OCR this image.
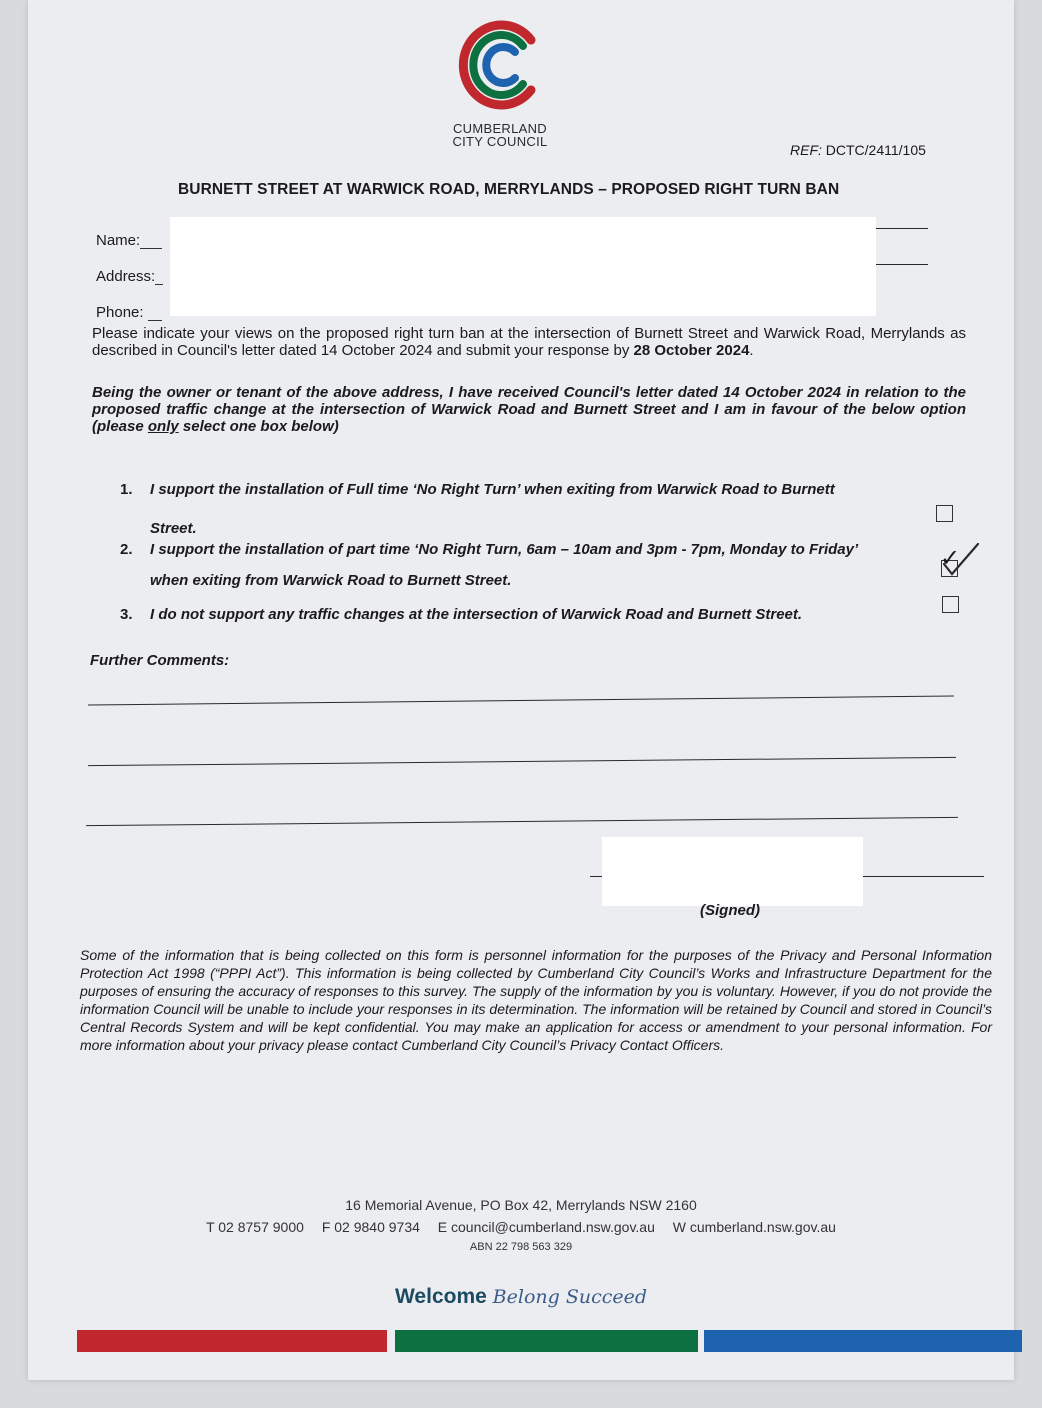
CUMBERLAND
CITY COUNCIL
REF: DCTC/2411/105
BURNETT STREET AT WARWICK ROAD, MERRYLANDS – PROPOSED RIGHT TURN BAN
Name:
Address:
Phone:
Please indicate your views on the proposed right turn ban at the intersection of Burnett Street and Warwick Road, Merrylands as described in Council's letter dated 14 October 2024 and submit your response by 28 October 2024.
Being the owner or tenant of the above address, I have received Council's letter dated 14 October 2024 in relation to the proposed traffic change at the intersection of Warwick Road and Burnett Street and I am in favour of the below option (please only select one box below)
1. I support the installation of Full time ‘No Right Turn’ when exiting from Warwick Road to Burnett
Street.
2. I support the installation of part time ‘No Right Turn, 6am – 10am and 3pm - 7pm, Monday to Friday’
when exiting from Warwick Road to Burnett Street.
✓
3. I do not support any traffic changes at the intersection of Warwick Road and Burnett Street.
Further Comments:
(Signed)
Some of the information that is being collected on this form is personnel information for the purposes of the Privacy and Personal Information Protection Act 1998 (“PPPI Act”). This information is being collected by Cumberland City Council’s Works and Infrastructure Department for the purposes of ensuring the accuracy of responses to this survey. The supply of the information by you is voluntary. However, if you do not provide the information Council will be unable to include your responses in its determination. The information will be retained by Council and stored in Council’s Central Records System and will be kept confidential. You may make an application for access or amendment to your personal information. For more information about your privacy please contact Cumberland City Council’s Privacy Contact Officers.
16 Memorial Avenue, PO Box 42, Merrylands NSW 2160
T 02 8757 9000 F 02 9840 9734 E council@cumberland.nsw.gov.au W cumberland.nsw.gov.au
ABN 22 798 563 329
Welcome Belong Succeed
